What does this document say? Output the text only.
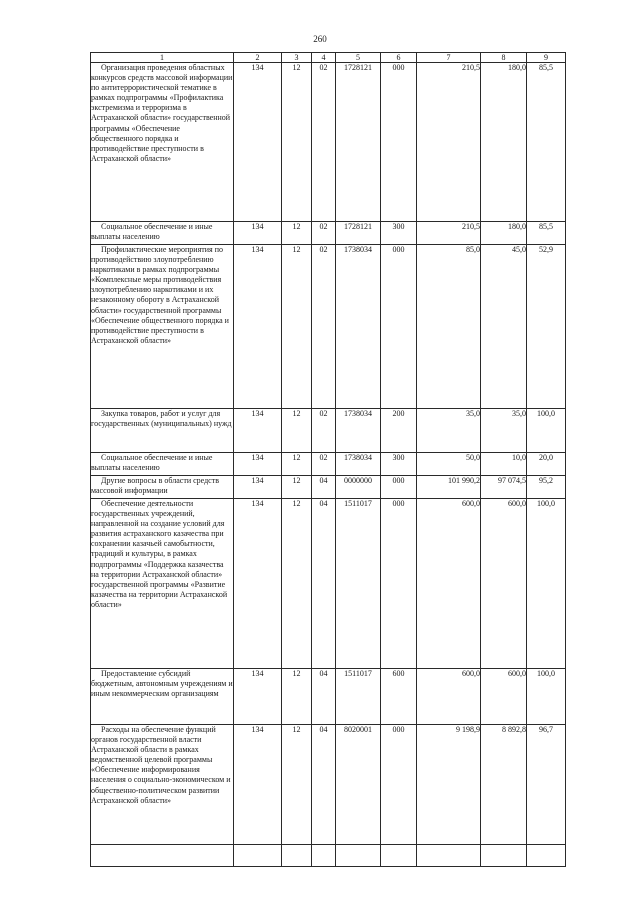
260
1	2	3	4	5	6	7	8	9
Организация проведения областных конкурсов средств массовой информации по антитеррористической тематике в рамках подпрограммы «Профилактика экстремизма и терроризма в Астраханской области» государственной программы «Обеспечение общественного порядка и противодействие преступности в Астраханской области»	134	12	02	1728121	000	210,5	180,0	85,5
Социальное обеспечение и иные выплаты населению	134	12	02	1728121	300	210,5	180,0	85,5
Профилактические мероприятия по противодействию злоупотреблению наркотиками в рамках подпрограммы «Комплексные меры противодействия злоупотреблению наркотиками и их незаконному обороту в Астраханской области» государственной программы «Обеспечение общественного порядка и противодействие преступности в Астраханской области»	134	12	02	1738034	000	85,0	45,0	52,9
Закупка товаров, работ и услуг для государственных (муниципальных) нужд	134	12	02	1738034	200	35,0	35,0	100,0
Социальное обеспечение и иные выплаты населению	134	12	02	1738034	300	50,0	10,0	20,0
Другие вопросы в области средств массовой информации	134	12	04	0000000	000	101 990,2	97 074,5	95,2
Обеспечение деятельности государственных учреждений, направленной на создание условий для развития астраханского казачества при сохранении казачьей самобытности, традиций и культуры, в рамках подпрограммы «Поддержка казачества на территории Астраханской области» государственной программы «Развитие казачества на территории Астраханской области»	134	12	04	1511017	000	600,0	600,0	100,0
Предоставление субсидий бюджетным, автономным учреждениям и иным некоммерческим организациям	134	12	04	1511017	600	600,0	600,0	100,0
Расходы на обеспечение функций органов государственной власти Астраханской области в рамках ведомственной целевой программы «Обеспечение информирования населения о социально-экономическом и общественно-политическом развитии Астраханской области»	134	12	04	8020001	000	9 198,9	8 892,8	96,7
